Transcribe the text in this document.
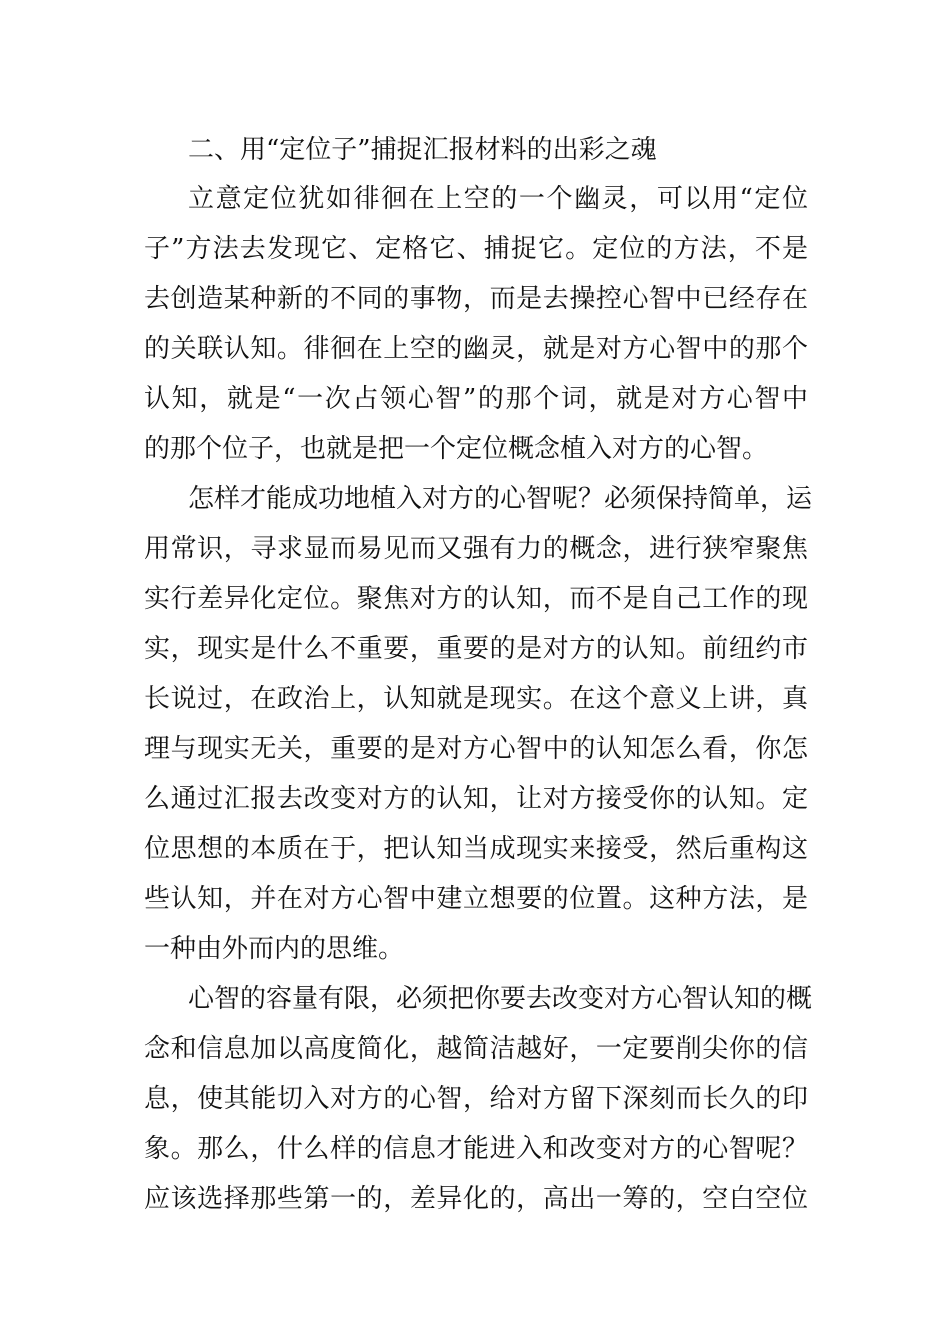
二、用“定位子”捕捉汇报材料的出彩之魂
立意定位犹如徘徊在上空的一个幽灵，可以用“定位
子”方法去发现它、定格它、捕捉它。定位的方法，不是
去创造某种新的不同的事物，而是去操控心智中已经存在
的关联认知。徘徊在上空的幽灵，就是对方心智中的那个
认知，就是“一次占领心智”的那个词，就是对方心智中
的那个位子，也就是把一个定位概念植入对方的心智。
怎样才能成功地植入对方的心智呢？必须保持简单，运
用常识，寻求显而易见而又强有力的概念，进行狭窄聚焦
实行差异化定位。聚焦对方的认知，而不是自己工作的现
实，现实是什么不重要，重要的是对方的认知。前纽约市
长说过，在政治上，认知就是现实。在这个意义上讲，真
理与现实无关，重要的是对方心智中的认知怎么看，你怎
么通过汇报去改变对方的认知，让对方接受你的认知。定
位思想的本质在于，把认知当成现实来接受，然后重构这
些认知，并在对方心智中建立想要的位置。这种方法，是
一种由外而内的思维。
心智的容量有限，必须把你要去改变对方心智认知的概
念和信息加以高度简化，越简洁越好，一定要削尖你的信
息，使其能切入对方的心智，给对方留下深刻而长久的印
象。那么，什么样的信息才能进入和改变对方的心智呢？
应该选择那些第一的，差异化的，高出一筹的，空白空位
